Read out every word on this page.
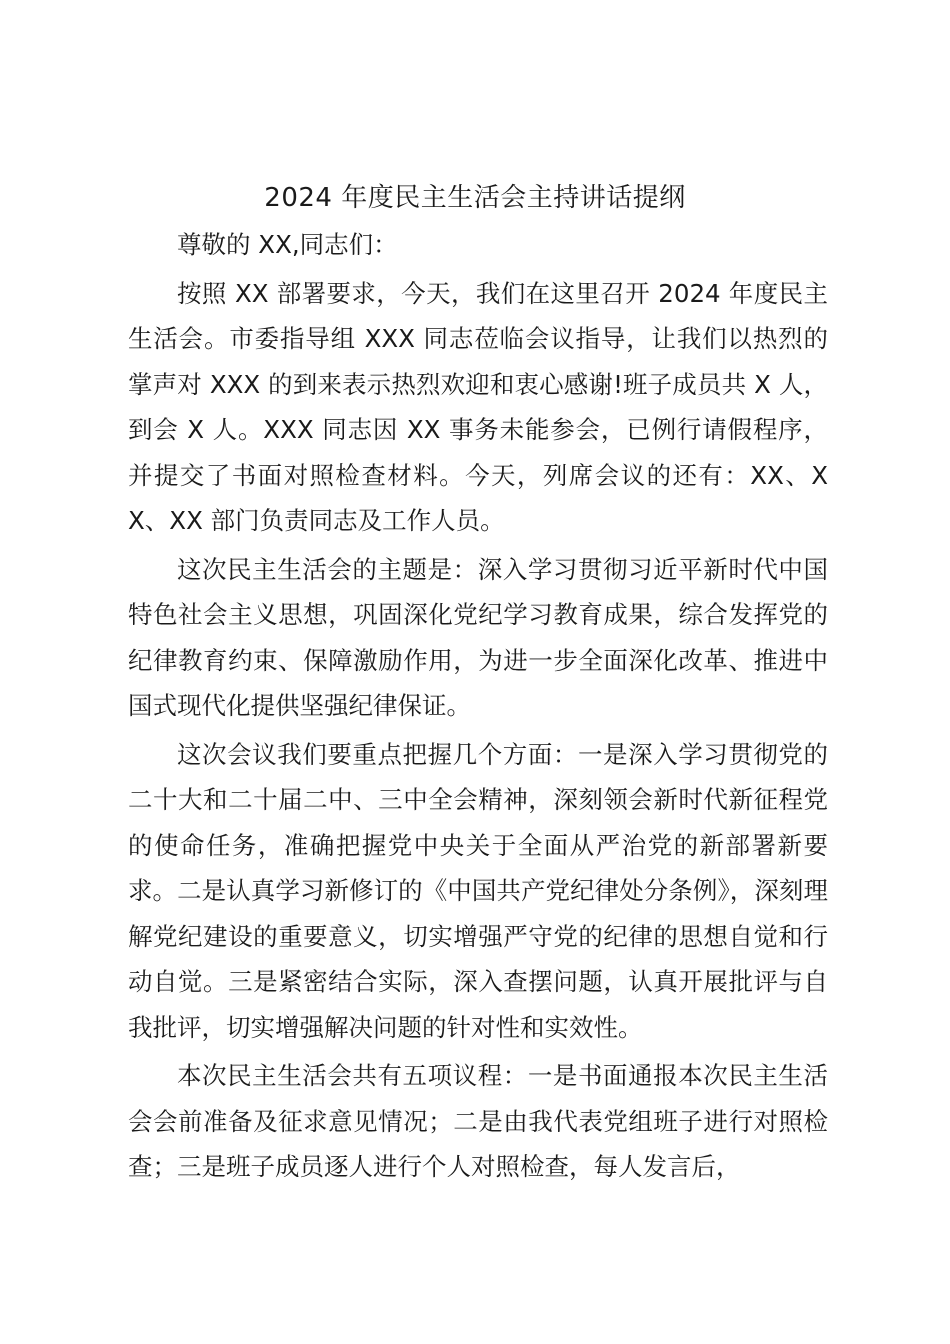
2024 年度民主生活会主持讲话提纲

尊敬的 XX,同志们：

按照 XX 部署要求，今天，我们在这里召开 2024 年度民主生活会。市委指导组 XXX 同志莅临会议指导，让我们以热烈的掌声对 XXX 的到来表示热烈欢迎和衷心感谢!班子成员共 X 人，到会 X 人。XXX 同志因 XX 事务未能参会，已例行请假程序，并提交了书面对照检查材料。今天，列席会议的还有：XX、XX、XX 部门负责同志及工作人员。

这次民主生活会的主题是：深入学习贯彻习近平新时代中国特色社会主义思想，巩固深化党纪学习教育成果，综合发挥党的纪律教育约束、保障激励作用，为进一步全面深化改革、推进中国式现代化提供坚强纪律保证。

这次会议我们要重点把握几个方面：一是深入学习贯彻党的二十大和二十届二中、三中全会精神，深刻领会新时代新征程党的使命任务，准确把握党中央关于全面从严治党的新部署新要求。二是认真学习新修订的《中国共产党纪律处分条例》，深刻理解党纪建设的重要意义，切实增强严守党的纪律的思想自觉和行动自觉。三是紧密结合实际，深入查摆问题，认真开展批评与自我批评，切实增强解决问题的针对性和实效性。

本次民主生活会共有五项议程：一是书面通报本次民主生活会会前准备及征求意见情况；二是由我代表党组班子进行对照检查；三是班子成员逐人进行个人对照检查，每人发言后，
